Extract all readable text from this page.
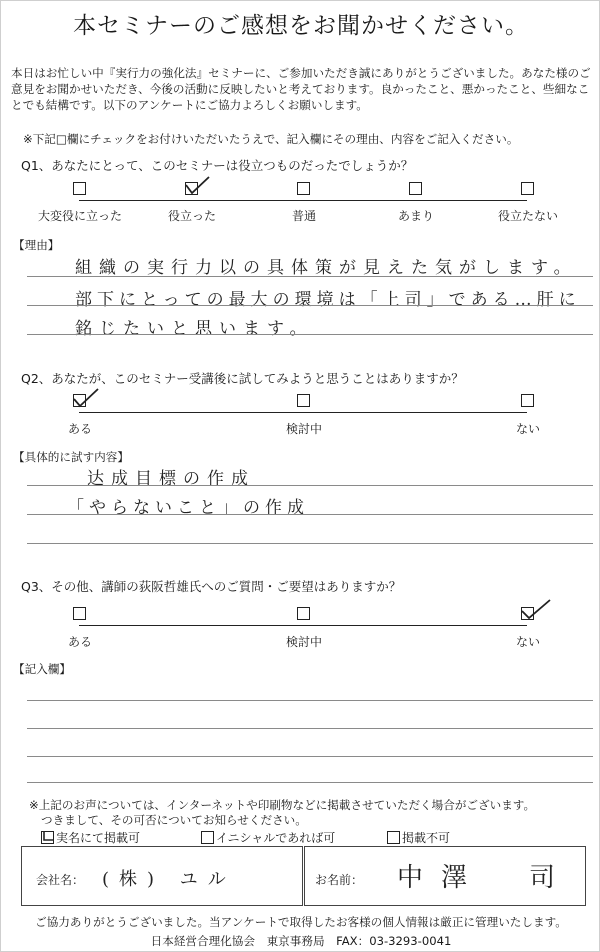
本セミナーのご感想をお聞かせください。
本日はお忙しい中『実行力の強化法』セミナーに、ご参加いただき誠にありがとうございました。あなた様のご意見をお聞かせいただき、今後の活動に反映したいと考えております。良かったこと、悪かったこと、些細なことでも結構です。以下のアンケートにご協力よろしくお願いします。
※下記□欄にチェックをお付けいただいたうえで、記入欄にその理由、内容をご記入ください。
Q1、あなたにとって、このセミナーは役立つものだったでしょうか？
大変役に立った	役立った	普通	あまり	役立たない
【理由】
組織の実行力以の具体策が見えた気がします。
部下にとっての最大の環境は「上司」である…肝に
銘じたいと思います。
Q2、あなたが、このセミナー受講後に試してみようと思うことはありますか？
ある	検討中	ない
【具体的に試す内容】
达成目標の作成
「やらないこと」の作成
Q3、その他、講師の荻阪哲雄氏へのご質問・ご要望はありますか？
ある	検討中	ない
【記入欄】
※上記のお声については、インターネットや印刷物などに掲載させていただく場合がございます。
つきまして、その可否についてお知らせください。
実名にて掲載可	イニシャルであれば可	掲載不可
会社名： (株) ユル	お名前： 中澤　司
ご協力ありがとうございました。当アンケートで取得したお客様の個人情報は厳正に管理いたします。
日本経営合理化協会　東京事務局　FAX：03-3293-0041
